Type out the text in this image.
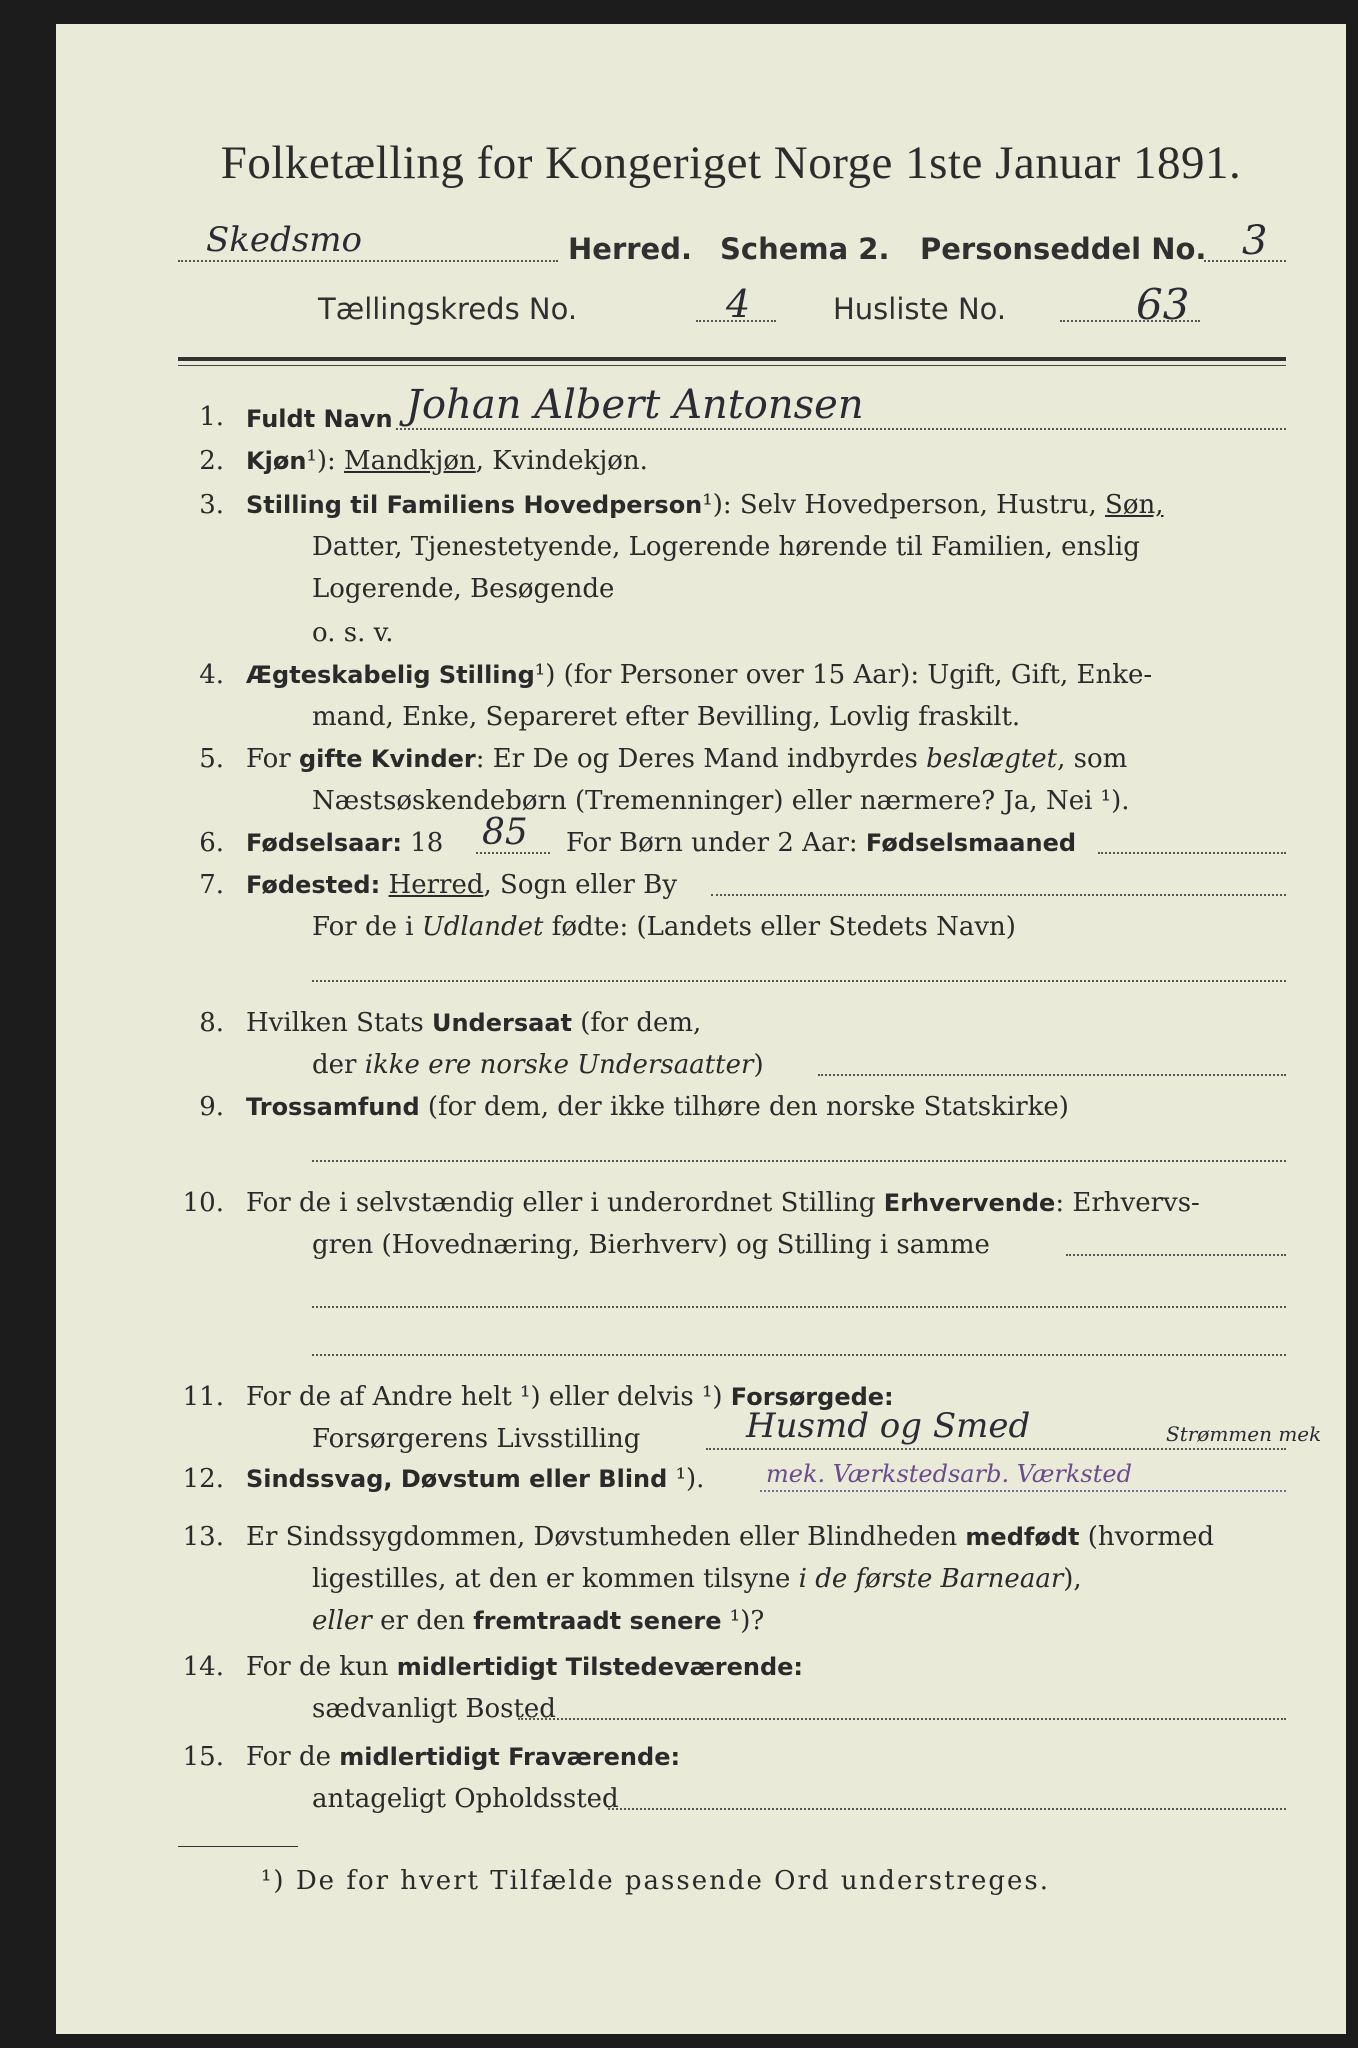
Folketælling for Kongeriget Norge 1ste Januar 1891.
Skedsmo	Herred. Schema 2. Personseddel No. 3
Tællingskreds No.	4	Husliste No.	63
1. Fuldt Navn Johan Albert Antonsen
2. Kjøn¹): Mandkjøn, Kvindekjøn.
3. Stilling til Familiens Hovedperson¹): Selv Hovedperson, Hustru, Søn,
Datter, Tjenestetyende, Logerende hørende til Familien, enslig
Logerende, Besøgende
o. s. v.
4. Ægteskabelig Stilling¹) (for Personer over 15 Aar): Ugift, Gift, Enke-
mand, Enke, Separeret efter Bevilling, Lovlig fraskilt.
5. For gifte Kvinder: Er De og Deres Mand indbyrdes beslægtet, som
Næstsøskendebørn (Tremenninger) eller nærmere? Ja, Nei ¹).
6. Fødselsaar: 18 85 For Børn under 2 Aar: Fødselsmaaned
7. Fødested: Herred, Sogn eller By
For de i Udlandet fødte: (Landets eller Stedets Navn)
8. Hvilken Stats Undersaat (for dem,
der ikke ere norske Undersaatter)
9. Trossamfund (for dem, der ikke tilhøre den norske Statskirke)
10. For de i selvstændig eller i underordnet Stilling Erhvervende: Erhvervs-
gren (Hovednæring, Bierhverv) og Stilling i samme
11. For de af Andre helt ¹) eller delvis ¹) Forsørgede:
Forsørgerens Livsstilling	Husmd og Smed	Strømmen mek
12. Sindssvag, Døvstum eller Blind ¹).	mek. Værkstedsarb. Værksted
13. Er Sindssygdommen, Døvstumheden eller Blindheden medfødt (hvormed
ligestilles, at den er kommen tilsyne i de første Barneaar),
eller er den fremtraadt senere ¹)?
14. For de kun midlertidigt Tilstedeværende:
sædvanligt Bosted
15. For de midlertidigt Fraværende:
antageligt Opholdssted
¹) De for hvert Tilfælde passende Ord understreges.
